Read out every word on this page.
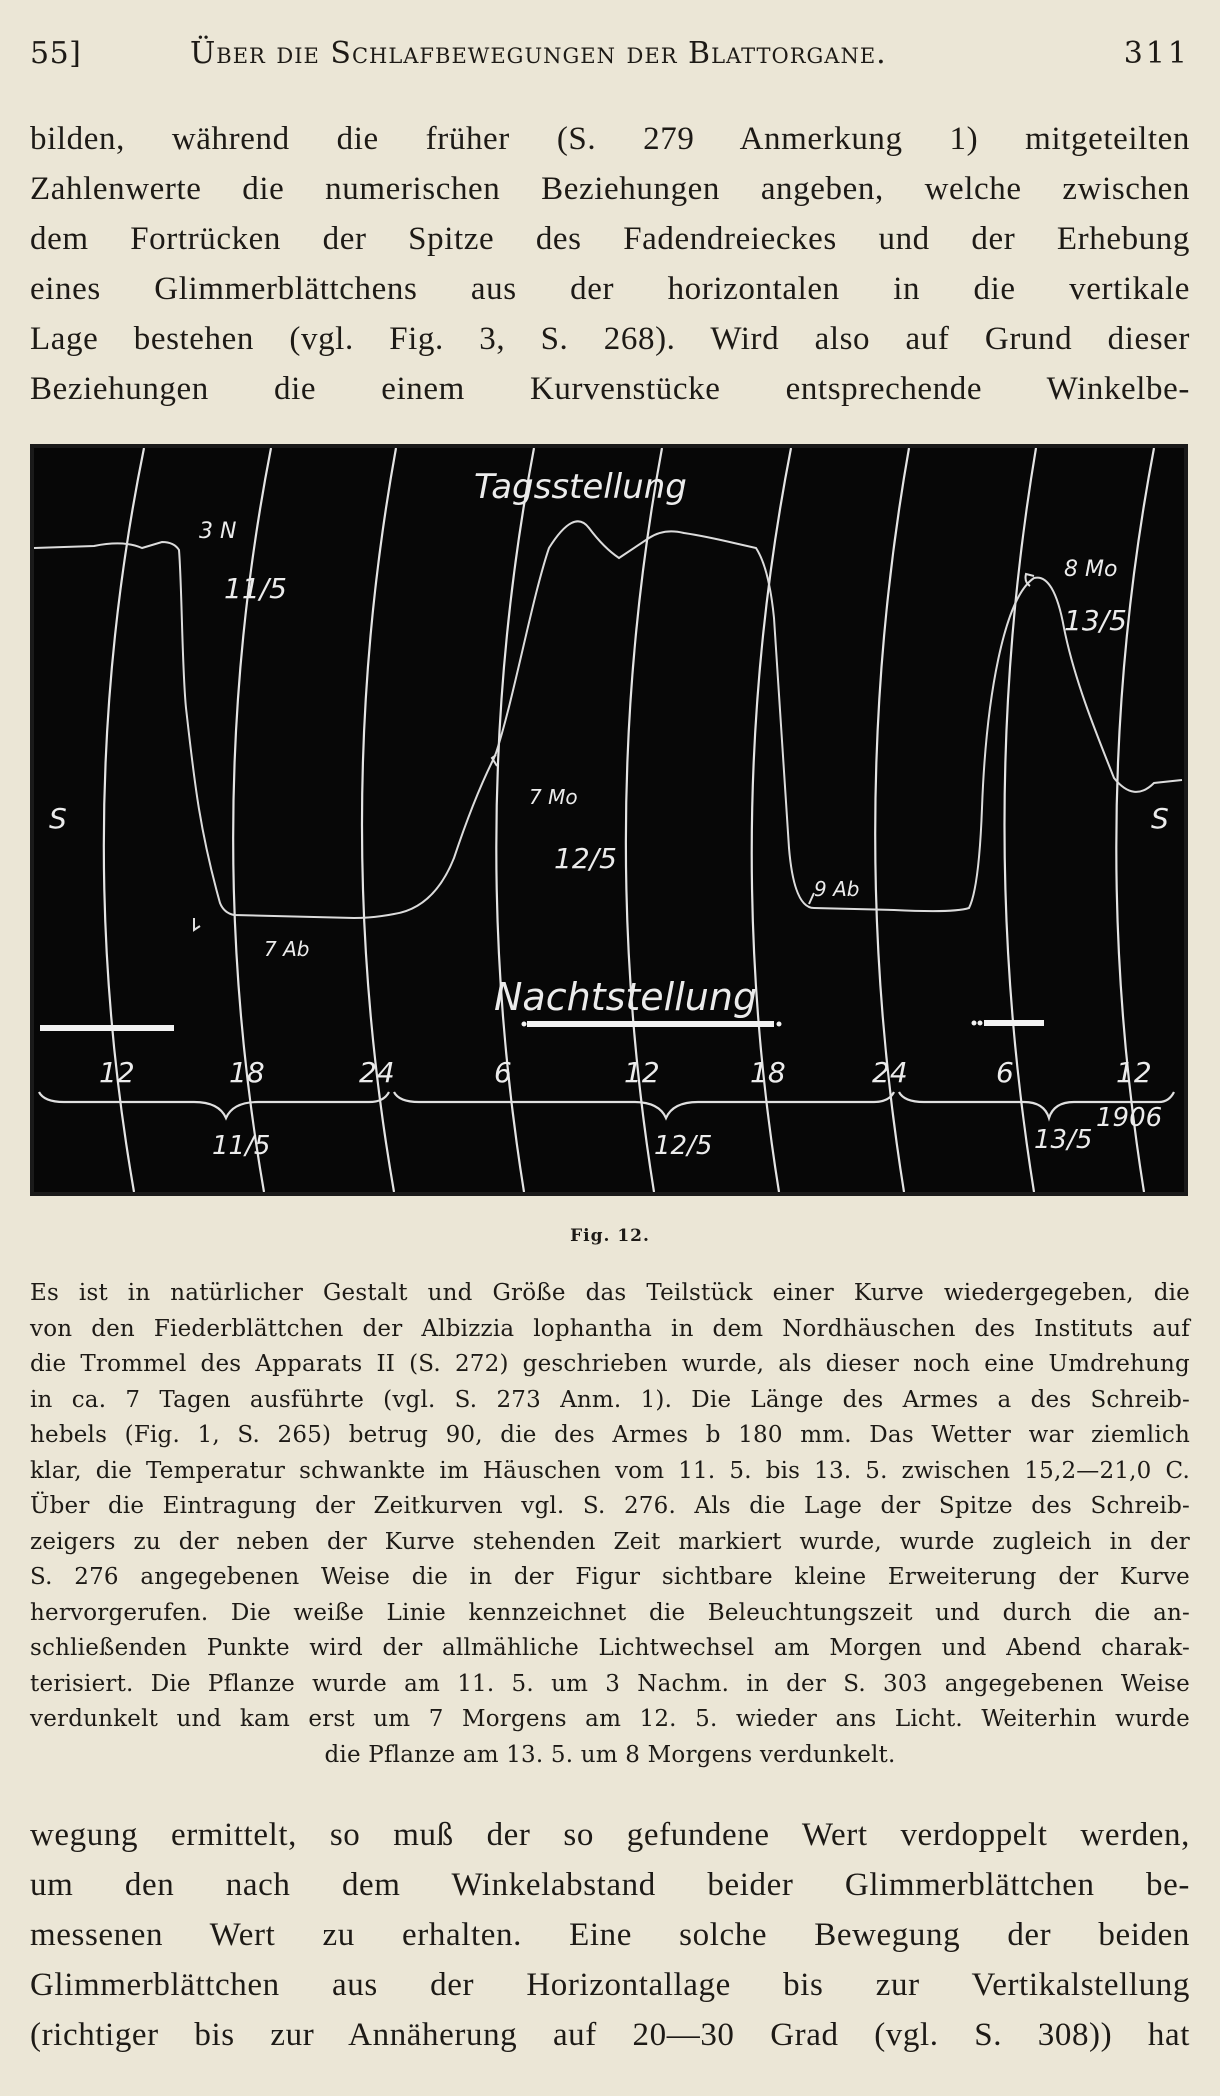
55]	Über die Schlafbewegungen der Blattorgane.	311
bilden, während die früher (S. 279 Anmerkung 1) mitgeteilten
Zahlenwerte die numerischen Beziehungen angeben, welche zwischen
dem Fortrücken der Spitze des Fadendreieckes und der Erhebung
eines Glimmerblättchens aus der horizontalen in die vertikale
Lage bestehen (vgl. Fig. 3, S. 268). Wird also auf Grund dieser
Beziehungen die einem Kurvenstücke entsprechende Winkelbe-
Tagsstellung
Nachtstellung
S	S
3 N
11/5
7 Mo
12/5
7 Ab
9 Ab
8 Mo
13/5
12	18	24	6	12	18	24	6	12
11/5	12/5	13/5
1906
Fig. 12.
Es ist in natürlicher Gestalt und Größe das Teilstück einer Kurve wiedergegeben, die
von den Fiederblättchen der Albizzia lophantha in dem Nordhäuschen des Instituts auf
die Trommel des Apparats II (S. 272) geschrieben wurde, als dieser noch eine Umdrehung
in ca. 7 Tagen ausführte (vgl. S. 273 Anm. 1). Die Länge des Armes a des Schreib-
hebels (Fig. 1, S. 265) betrug 90, die des Armes b 180 mm. Das Wetter war ziemlich
klar, die Temperatur schwankte im Häuschen vom 11. 5. bis 13. 5. zwischen 15,2—21,0 C.
Über die Eintragung der Zeitkurven vgl. S. 276. Als die Lage der Spitze des Schreib-
zeigers zu der neben der Kurve stehenden Zeit markiert wurde, wurde zugleich in der
S. 276 angegebenen Weise die in der Figur sichtbare kleine Erweiterung der Kurve
hervorgerufen. Die weiße Linie kennzeichnet die Beleuchtungszeit und durch die an-
schließenden Punkte wird der allmähliche Lichtwechsel am Morgen und Abend charak-
terisiert. Die Pflanze wurde am 11. 5. um 3 Nachm. in der S. 303 angegebenen Weise
verdunkelt und kam erst um 7 Morgens am 12. 5. wieder ans Licht. Weiterhin wurde
die Pflanze am 13. 5. um 8 Morgens verdunkelt.
wegung ermittelt, so muß der so gefundene Wert verdoppelt werden,
um den nach dem Winkelabstand beider Glimmerblättchen be-
messenen Wert zu erhalten. Eine solche Bewegung der beiden
Glimmerblättchen aus der Horizontallage bis zur Vertikalstellung
(richtiger bis zur Annäherung auf 20—30 Grad (vgl. S. 308)) hat
